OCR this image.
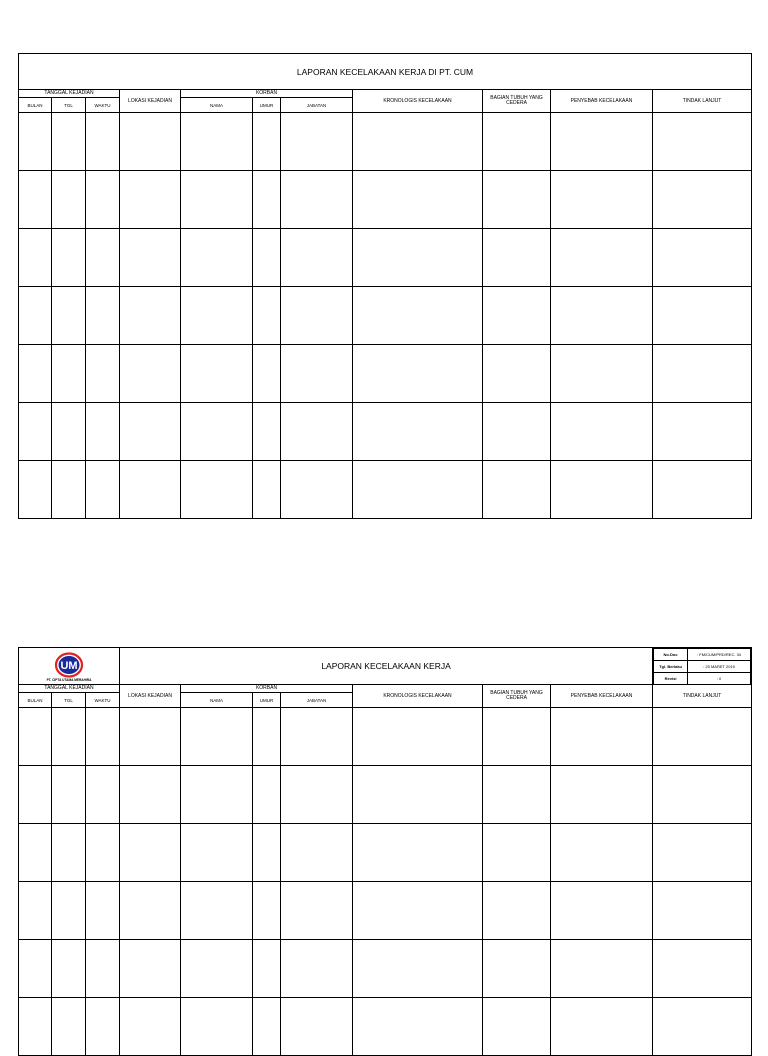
LAPORAN KECELAKAAN KERJA DI PT. CUM										
TANGGAL KEJADIAN			LOKASI KEJADIAN	KORBAN			KRONOLOGIS KECELAKAAN	BAGIAN TUBUH YANG CEDERA	PENYEBAB KECELAKAAN	TINDAK LANJUT
BULAN	TGL	WAKTU		NAMA	UMUR	JABATAN				

UM
PT. CIPTA UTAMA MERAHIRA
	LAPORAN KECELAKAAN KERJA	
No.Doc	: FM/CUM/PRD/REC. 34
Tgl. Berlaku	: 25 MARET 2019
Revisi	: 0

TANGGAL KEJADIAN	LOKASI KEJADIAN	KORBAN	KRONOLOGIS KECELAKAAN	BAGIAN TUBUH YANG CEDERA	PENYEBAB KECELAKAAN	TINDAK LANJUT
BULAN	TGL	WAKTU	NAMA	UMUR	JABATAN
